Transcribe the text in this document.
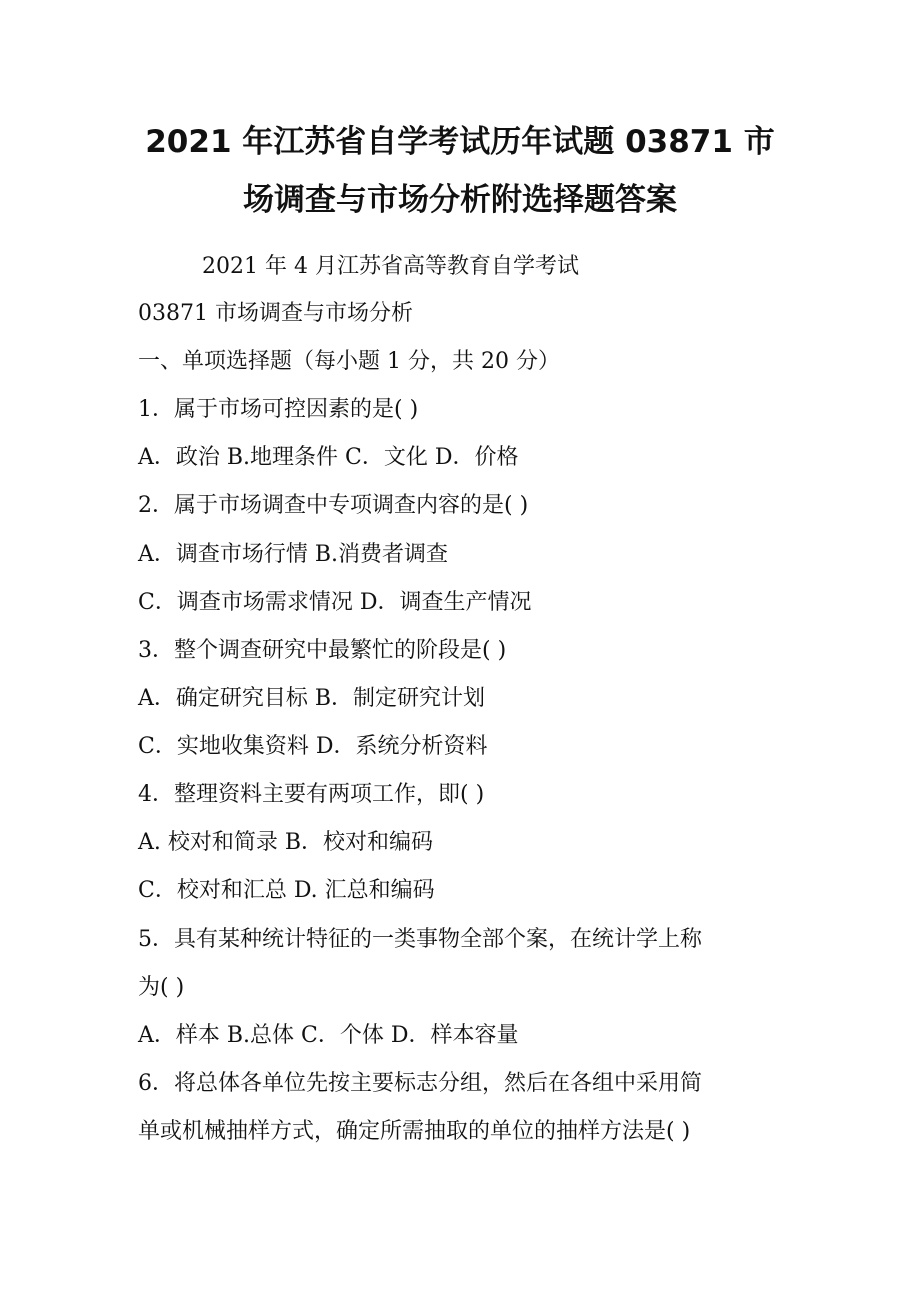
2021 年江苏省自学考试历年试题 03871 市
场调查与市场分析附选择题答案
2021 年 4 月江苏省高等教育自学考试
03871 市场调查与市场分析
一、单项选择题（每小题 1 分，共 20 分）
1．属于市场可控因素的是( )
A．政治 B.地理条件 C．文化 D．价格
2．属于市场调查中专项调查内容的是( )
A．调查市场行情 B.消费者调查
C．调查市场需求情况 D．调查生产情况
3．整个调查研究中最繁忙的阶段是( )
A．确定研究目标 B．制定研究计划
C．实地收集资料 D．系统分析资料
4．整理资料主要有两项工作，即( )
A. 校对和简录 B．校对和编码
C．校对和汇总 D. 汇总和编码
5．具有某种统计特征的一类事物全部个案，在统计学上称
为( )
A．样本 B.总体 C．个体 D．样本容量
6．将总体各单位先按主要标志分组，然后在各组中采用简
单或机械抽样方式，确定所需抽取的单位的抽样方法是( )
